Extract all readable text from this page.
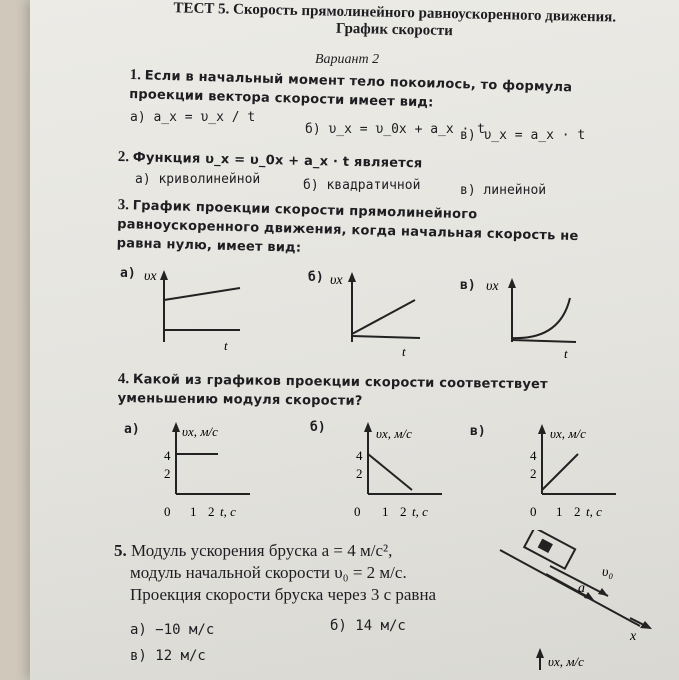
ТЕСТ 5. Скорость прямолинейного равноускоренного движения. График скорости
Вариант 2
1. Если в начальный момент тело покоилось, то формула проекции вектора скорости имеет вид:
а) a_x = υ_x / t
б) υ_x = υ_0x + a_x · t
в) υ_x = a_x · t
2. Функция υ_x = υ_0x + a_x · t является
а) криволинейной	б) квадратичной	в) линейной
3. График проекции скорости прямолинейного равноускоренного движения, когда начальная скорость не равна нулю, имеет вид:
а)	б)
в)
υx
t
υx
t
υx
t
4. Какой из графиков проекции скорости соответствует уменьшению модуля скорости?
а)	б)	в)
υx, м/с
4
2
0 1 2 t, с
υx, м/с
4
2
0 1 2 t, с
υx, м/с
4
2
0 1 2 t, с
5. Модуль ускорения бруска a = 4 м/с²,
модуль начальной скорости υ₀ = 2 м/с.
Проекция скорости бруска через 3 с равна
а) −10 м/с	б) 14 м/с
в) 12 м/с
υ₀
a
x
υx, м/с
